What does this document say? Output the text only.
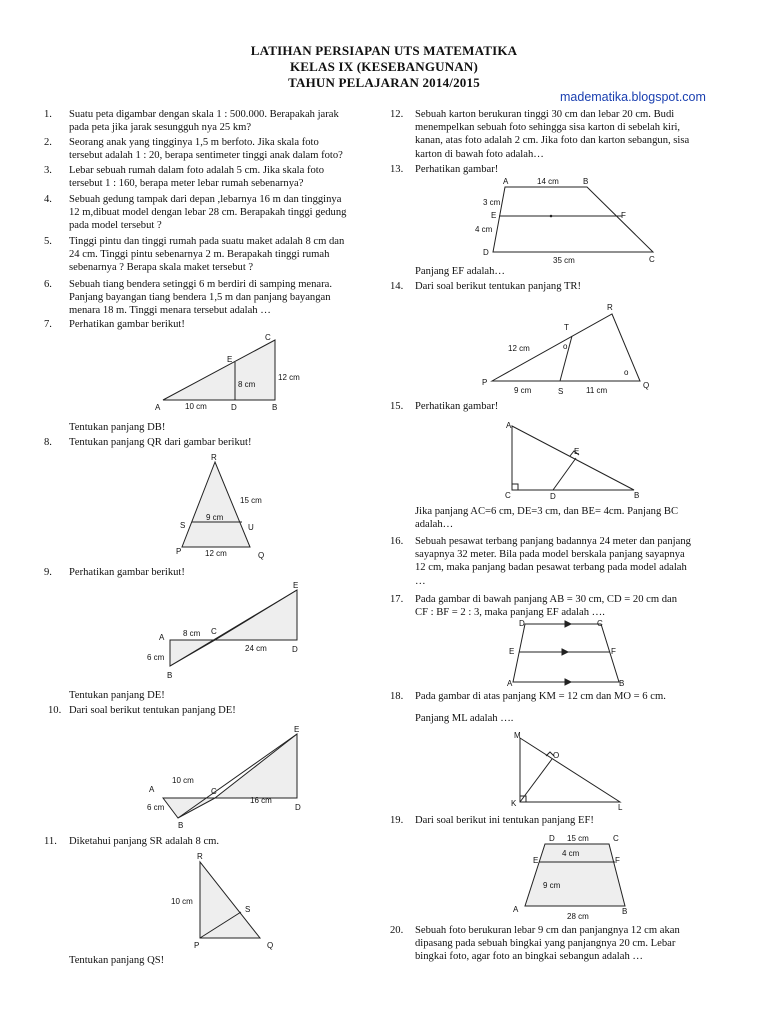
LATIHAN PERSIAPAN UTS MATEMATIKA
KELAS IX (KESEBANGUNAN)
TAHUN PELAJARAN 2014/2015
madematika.blogspot.com
1. Suatu peta digambar dengan skala 1 : 500.000. Berapakah jarak
pada peta jika jarak sesungguh nya 25 km?
2. Seorang anak yang tingginya 1,5 m berfoto. Jika skala foto
tersebut adalah 1 : 20, berapa sentimeter tinggi anak dalam foto?
3. Lebar sebuah rumah dalam foto adalah 5 cm. Jika skala foto
tersebut 1 : 160, berapa meter lebar rumah sebenarnya?
4. Sebuah gedung tampak dari depan ,lebarnya 16 m dan tingginya
12 m,dibuat model dengan lebar 28 cm. Berapakah tinggi gedung
pada model tersebut ?
5. Tinggi pintu dan tinggi rumah pada suatu maket adalah 8 cm dan
24 cm. Tinggi pintu sebenarnya 2 m. Berapakah tinggi rumah
sebenarnya ? Berapa skala maket tersebut ?
6. Sebuah tiang bendera setinggi 6 m berdiri di samping menara.
Panjang bayangan tiang bendera 1,5 m dan panjang bayangan
menara 18 m. Tinggi menara tersebut adalah …
7. Perhatikan gambar berikut!
A	D	B
C
E
10 cm
8 cm
12 cm
Tentukan panjang DB!
8. Tentukan panjang QR dari gambar berikut!
R
S	U
P	Q
15 cm
9 cm
12 cm
9. Perhatikan gambar berikut!
A
B
C
D
E
8 cm
6 cm
24 cm
Tentukan panjang DE!
10. Dari soal berikut tentukan panjang DE!
A
B
C
D
E
10 cm
6 cm
16 cm
11. Diketahui panjang SR adalah 8 cm.
R
S
P	Q
10 cm
Tentukan panjang QS!
12. Sebuah karton berukuran tinggi 30 cm dan lebar 20 cm. Budi
menempelkan sebuah foto sehingga sisa karton di sebelah kiri,
kanan, atas foto adalah 2 cm. Jika foto dan karton sebangun, sisa
karton di bawah foto adalah…
13. Perhatikan gambar!
A	B
C
D
E	F
14 cm
3 cm
4 cm
35 cm
Panjang EF adalah…
14. Dari soal berikut tentukan panjang TR!
P	Q
R
S
T
12 cm
9 cm	11 cm
o
o
15. Perhatikan gambar!
A
B
C	D
E
Jika panjang AC=6 cm, DE=3 cm, dan BE= 4cm. Panjang BC
adalah…
16. Sebuah pesawat terbang panjang badannya 24 meter dan panjang
sayapnya 32 meter. Bila pada model berskala panjang sayapnya
12 cm, maka panjang badan pesawat terbang pada model adalah
…
17. Pada gambar di bawah panjang AB = 30 cm, CD = 20 cm dan
CF : BF = 2 : 3, maka panjang EF adalah ….
D	C
E	F
A	B
18. Pada gambar di atas panjang KM = 12 cm dan MO = 6 cm.
Panjang ML adalah ….
M
O
K	L
19. Dari soal berikut ini tentukan panjang EF!
D	C
E	F
A	B
15 cm
4 cm
9 cm
28 cm
20. Sebuah foto berukuran lebar 9 cm dan panjangnya 12 cm akan
dipasang pada sebuah bingkai yang panjangnya 20 cm. Lebar
bingkai foto, agar foto an bingkai sebangun adalah …
